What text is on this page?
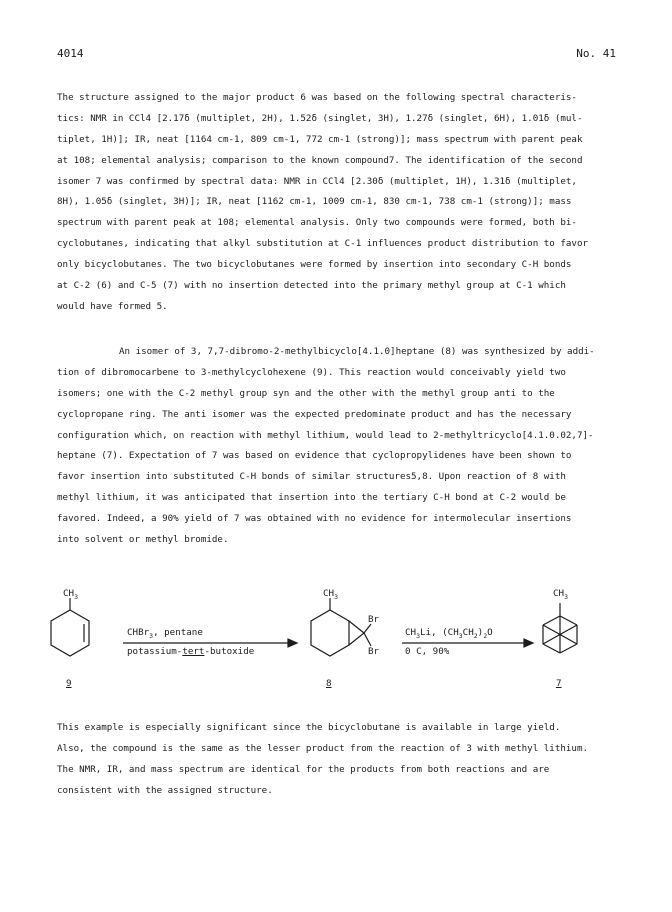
4014	No. 41
The structure assigned to the major product 6 was based on the following spectral characteris-
tics: NMR in CCl4 [2.17δ (multiplet, 2H), 1.52δ (singlet, 3H), 1.27δ (singlet, 6H), 1.01δ (mul-
tiplet, 1H)]; IR, neat [1164 cm-1, 809 cm-1, 772 cm-1 (strong)]; mass spectrum with parent peak
at 108; elemental analysis; comparison to the known compound7. The identification of the second
isomer 7 was confirmed by spectral data: NMR in CCl4 [2.30δ (multiplet, 1H), 1.31δ (multiplet,
8H), 1.05δ (singlet, 3H)]; IR, neat [1162 cm-1, 1009 cm-1, 830 cm-1, 738 cm-1 (strong)]; mass
spectrum with parent peak at 108; elemental analysis. Only two compounds were formed, both bi-
cyclobutanes, indicating that alkyl substitution at C-1 influences product distribution to favor
only bicyclobutanes. The two bicyclobutanes were formed by insertion into secondary C-H bonds
at C-2 (6) and C-5 (7) with no insertion detected into the primary methyl group at C-1 which
would have formed 5.
An isomer of 3, 7,7-dibromo-2-methylbicyclo[4.1.0]heptane (8) was synthesized by addi-
tion of dibromocarbene to 3-methylcyclohexene (9). This reaction would conceivably yield two
isomers; one with the C-2 methyl group syn and the other with the methyl group anti to the
cyclopropane ring. The anti isomer was the expected predominate product and has the necessary
configuration which, on reaction with methyl lithium, would lead to 2-methyltricyclo[4.1.0.02,7]-
heptane (7). Expectation of 7 was based on evidence that cyclopropylidenes have been shown to
favor insertion into substituted C-H bonds of similar structures5,8. Upon reaction of 8 with
methyl lithium, it was anticipated that insertion into the tertiary C-H bond at C-2 would be
favored. Indeed, a 90% yield of 7 was obtained with no evidence for intermolecular insertions
into solvent or methyl bromide.
$CH_3$	$CH_3$	$CH_3$
Br
Br
CHBr$_3$, pentane
potassium-tert-butoxide
$CH_3Li$, $(CH_3CH_2)_2O$
0 C, 90%
9	8	7
This example is especially significant since the bicyclobutane is available in large yield.
Also, the compound is the same as the lesser product from the reaction of 3 with methyl lithium.
The NMR, IR, and mass spectrum are identical for the products from both reactions and are
consistent with the assigned structure.
